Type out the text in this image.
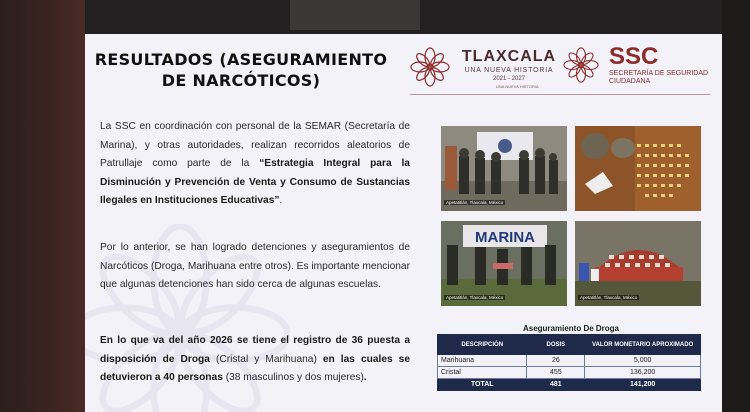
RESULTADOS (ASEGURAMIENTO
DE NARCÓTICOS)
TLAXCALA
UNA NUEVA HISTORIA
2021 - 2027
SSC
SECRETARÍA DE SEGURIDAD
CIUDADANA
UNA NUEVA HISTORIA
La SSC en coordinación con personal de la SEMAR (Secretaría de Marina), y otras autoridades, realizan recorridos aleatorios de Patrullaje como parte de la “Estrategia Integral para la Disminución y Prevención de Venta y Consumo de Sustancias Ilegales en Instituciones Educativas”.
Por lo anterior, se han logrado detenciones y aseguramientos de Narcóticos (Droga, Marihuana entre otros). Es importante mencionar que algunas detenciones han sido cerca de algunas escuelas.
En lo que va del año 2026 se tiene el registro de 36 puesta a disposición de Droga (Cristal y Marihuana) en las cuales se detuvieron a 40 personas (38 masculinos y dos mujeres).
Apetatitlán, Tlaxcala, México
MARINA
Apetatitlán, Tlaxcala, México	Apetatitlán, Tlaxcala, México
Aseguramiento De Droga
DESCRIPCIÓN	DOSIS	VALOR MONETARIO APROXIMADO
Marihuana	26	5,000
Cristal	455	136,200
TOTAL	481	141,200
